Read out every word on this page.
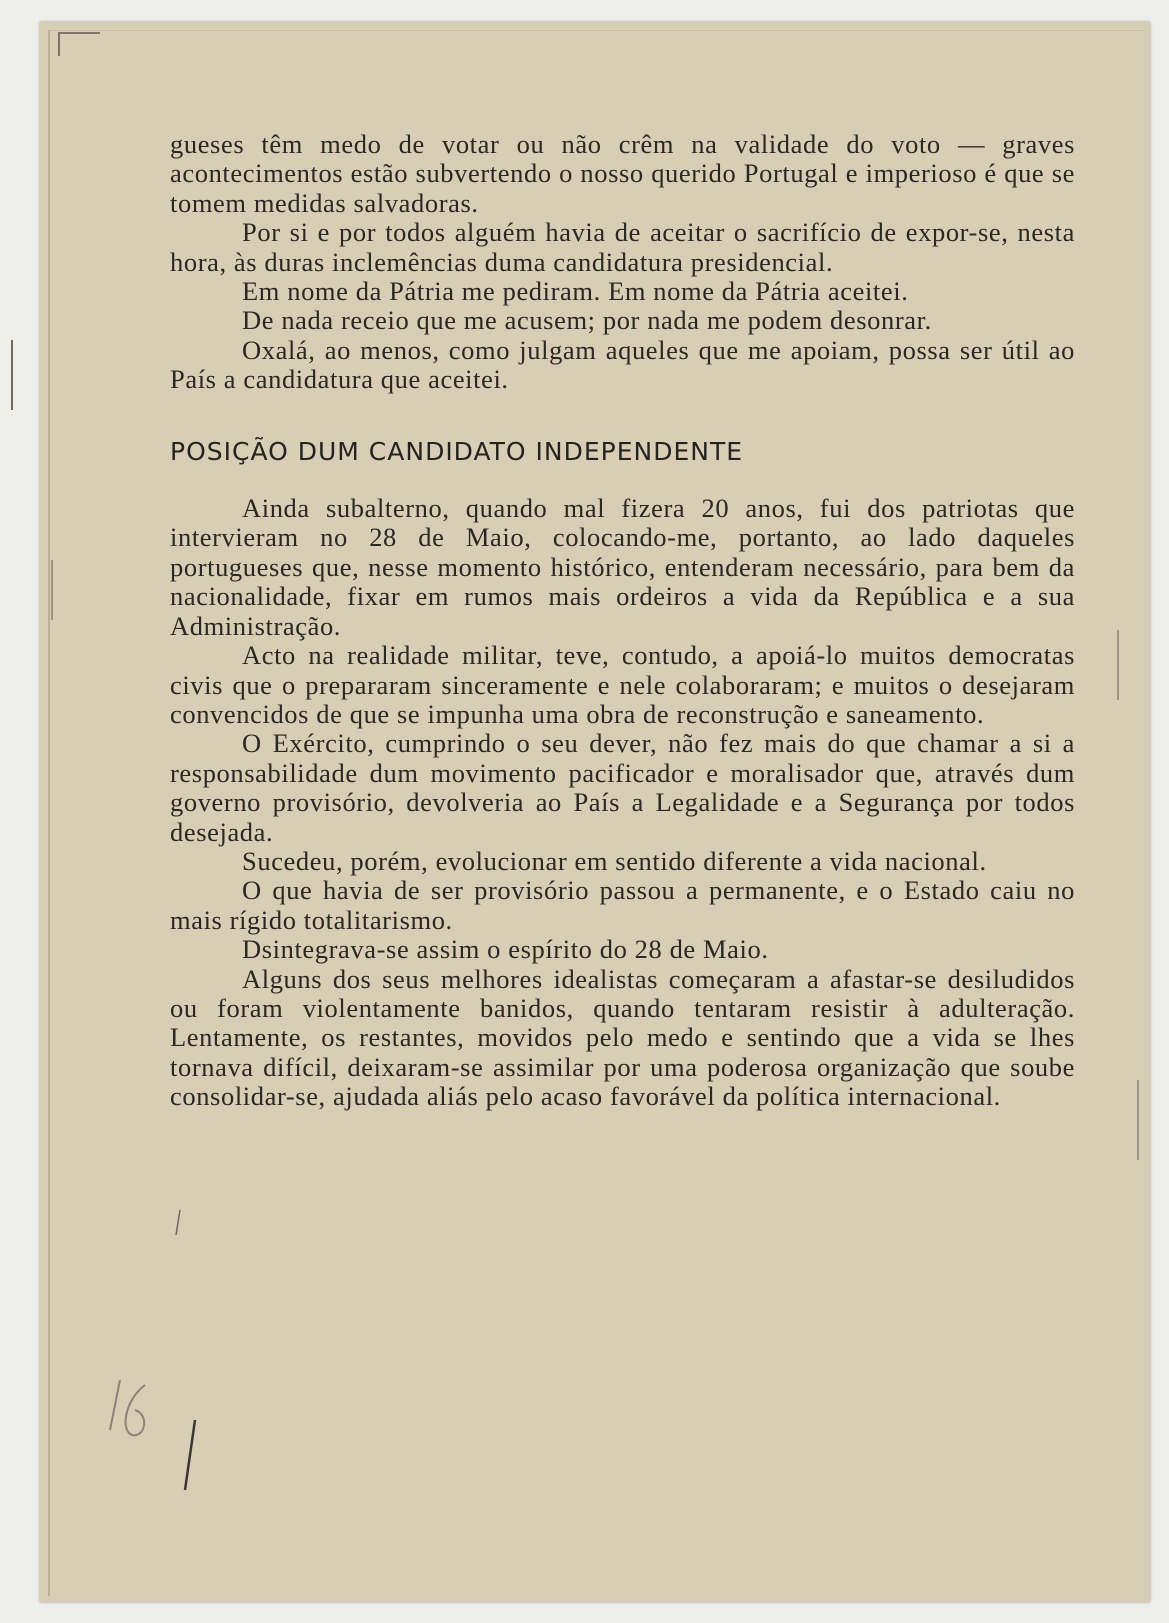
gueses têm medo de votar ou não crêm na validade do voto — graves acontecimentos estão subvertendo o nosso querido Portugal e imperioso é que se tomem medidas salvadoras.

Por si e por todos alguém havia de aceitar o sacrifício de expor-se, nesta hora, às duras inclemências duma candidatura presidencial.

Em nome da Pátria me pediram. Em nome da Pátria aceitei.

De nada receio que me acusem; por nada me podem desonrar.

Oxalá, ao menos, como julgam aqueles que me apoiam, possa ser útil ao País a candidatura que aceitei.

POSIÇÃO DUM CANDIDATO INDEPENDENTE

Ainda subalterno, quando mal fizera 20 anos, fui dos patriotas que intervieram no 28 de Maio, colocando-me, portanto, ao lado daqueles portugueses que, nesse momento histórico, entenderam necessário, para bem da nacionalidade, fixar em rumos mais ordeiros a vida da República e a sua Administração.

Acto na realidade militar, teve, contudo, a apoiá-lo muitos democratas civis que o prepararam sinceramente e nele colaboraram; e muitos o desejaram convencidos de que se impunha uma obra de reconstrução e saneamento.

O Exército, cumprindo o seu dever, não fez mais do que chamar a si a responsabilidade dum movimento pacificador e moralisador que, através dum governo provisório, devolveria ao País a Legalidade e a Segurança por todos desejada.

Sucedeu, porém, evolucionar em sentido diferente a vida nacional.

O que havia de ser provisório passou a permanente, e o Estado caiu no mais rígido totalitarismo.

Dsintegrava-se assim o espírito do 28 de Maio.

Alguns dos seus melhores idealistas começaram a afastar-se desiludidos ou foram violentamente banidos, quando tentaram resistir à adulteração. Lentamente, os restantes, movidos pelo medo e sentindo que a vida se lhes tornava difícil, deixaram-se assimilar por uma poderosa organização que soube consolidar-se, ajudada aliás pelo acaso favorável da política internacional.
